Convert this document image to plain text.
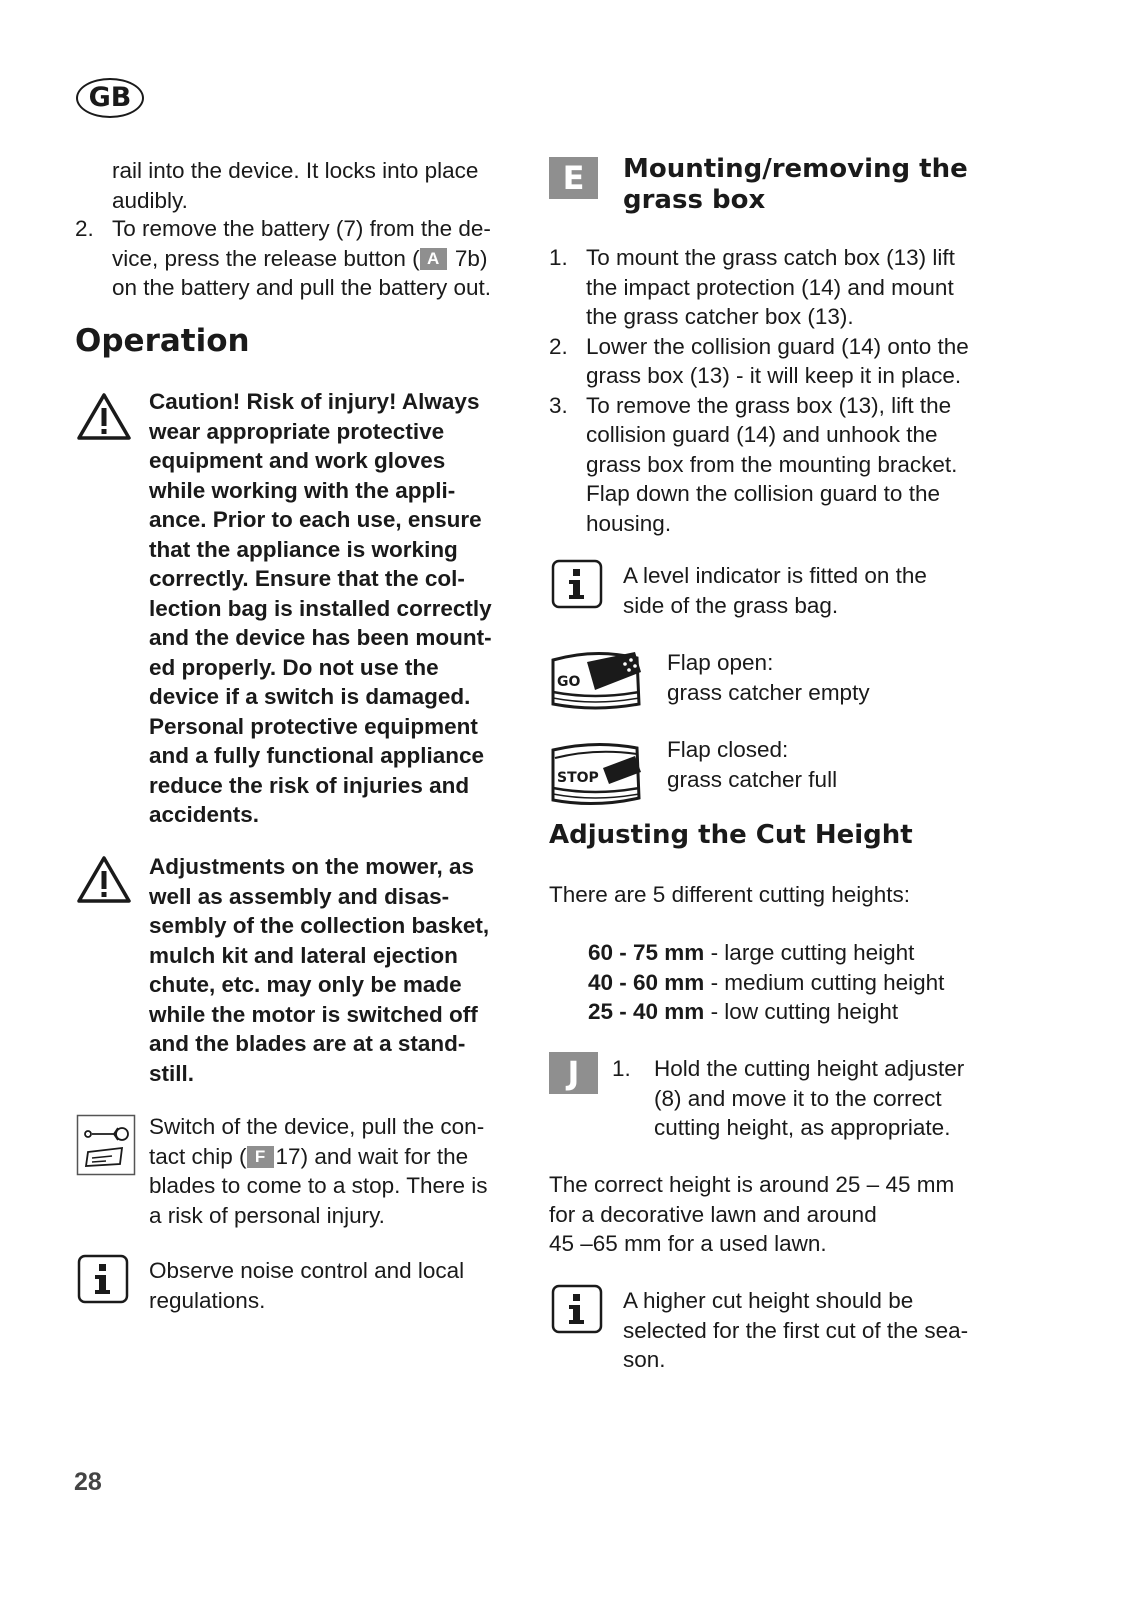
GB
rail into the device. It locks into place
audibly.
2. To remove the battery (7) from the de-
vice, press the release button ( A 7b)
on the battery and pull the battery out.
Operation
Caution! Risk of injury! Always
wear appropriate protective
equipment and work gloves
while working with the appli-
ance. Prior to each use, ensure
that the appliance is working
correctly. Ensure that the col-
lection bag is installed correctly
and the device has been mount-
ed properly. Do not use the
device if a switch is damaged.
Personal protective equipment
and a fully functional appliance
reduce the risk of injuries and
accidents.
Adjustments on the mower, as
well as assembly and disas-
sembly of the collection basket,
mulch kit and lateral ejection
chute, etc. may only be made
while the motor is switched off
and the blades are at a stand-
still.
Switch of the device, pull the con-
tact chip ( F 17) and wait for the
blades to come to a stop. There is
a risk of personal injury.
Observe noise control and local
regulations.
E	Mounting/removing the
grass box
1. To mount the grass catch box (13) lift
the impact protection (14) and mount
the grass catcher box (13).
2. Lower the collision guard (14) onto the
grass box (13) - it will keep it in place.
3. To remove the grass box (13), lift the
collision guard (14) and unhook the
grass box from the mounting bracket.
Flap down the collision guard to the
housing.
A level indicator is fitted on the
side of the grass bag.
GO
Flap open:
grass catcher empty
STOP
Flap closed:
grass catcher full
Adjusting the Cut Height
There are 5 different cutting heights:
60 - 75 mm - large cutting height
40 - 60 mm - medium cutting height
25 - 40 mm - low cutting height
J	1. Hold the cutting height adjuster
(8) and move it to the correct
cutting height, as appropriate.
The correct height is around 25 – 45 mm
for a decorative lawn and around
45 –65 mm for a used lawn.
A higher cut height should be
selected for the first cut of the sea-
son.
28
